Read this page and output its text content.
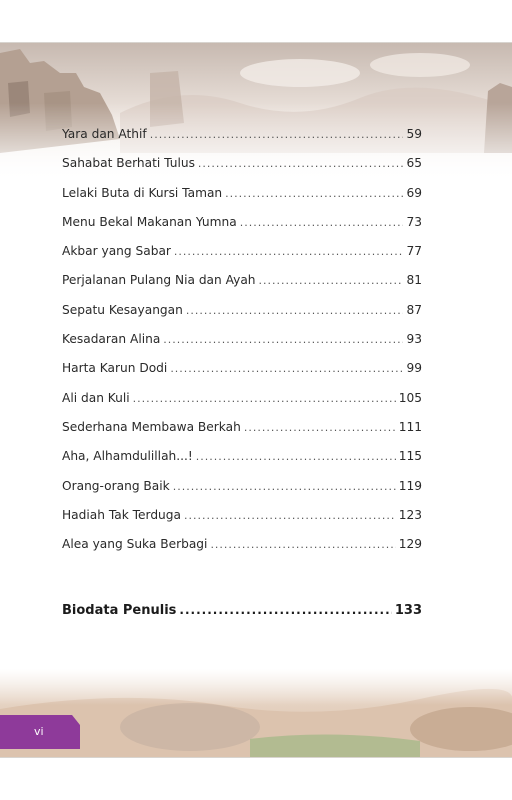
Yara dan Athif .....	59
Sahabat Berhati Tulus .....	65
Lelaki Buta di Kursi Taman .....	69
Menu Bekal Makanan Yumna .....	73
Akbar yang Sabar .....	77
Perjalanan Pulang Nia dan Ayah .....	81
Sepatu Kesayangan .....	87
Kesadaran Alina .....	93
Harta Karun Dodi .....	99
Ali dan Kuli .....	105
Sederhana Membawa Berkah .....	111
Aha, Alhamdulillah...! .....	115
Orang-orang Baik .....	119
Hadiah Tak Terduga .....	123
Alea yang Suka Berbagi .....	129
Biodata Penulis .....	133
vi
